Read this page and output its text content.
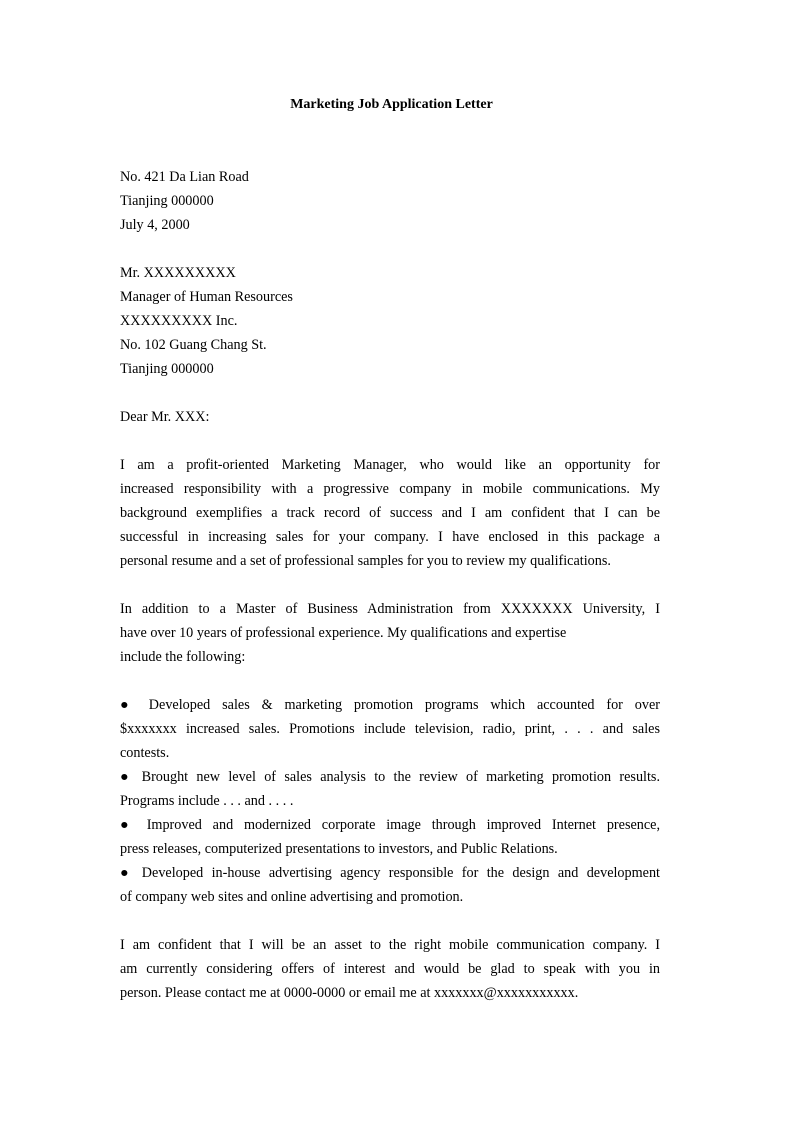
Marketing Job Application Letter
No. 421 Da Lian Road
Tianjing 000000
July 4, 2000
Mr. XXXXXXXXX
Manager of Human Resources
XXXXXXXXX Inc.
No. 102 Guang Chang St.
Tianjing 000000
Dear Mr. XXX:
I am a profit-oriented Marketing Manager, who would like an opportunity for
increased responsibility with a progressive company in mobile communications. My
background exemplifies a track record of success and I am confident that I can be
successful in increasing sales for your company. I have enclosed in this package a
personal resume and a set of professional samples for you to review my qualifications.
In addition to a Master of Business Administration from XXXXXXX University, I
have over 10 years of professional experience. My qualifications and expertise
include the following:
● Developed sales & marketing promotion programs which accounted for over
$xxxxxxx increased sales. Promotions include television, radio, print, . . . and sales
contests.
● Brought new level of sales analysis to the review of marketing promotion results.
Programs include . . . and . . . .
● Improved and modernized corporate image through improved Internet presence,
press releases, computerized presentations to investors, and Public Relations.
● Developed in-house advertising agency responsible for the design and development
of company web sites and online advertising and promotion.
I am confident that I will be an asset to the right mobile communication company. I
am currently considering offers of interest and would be glad to speak with you in
person. Please contact me at 0000-0000 or email me at xxxxxxx@xxxxxxxxxxx.
